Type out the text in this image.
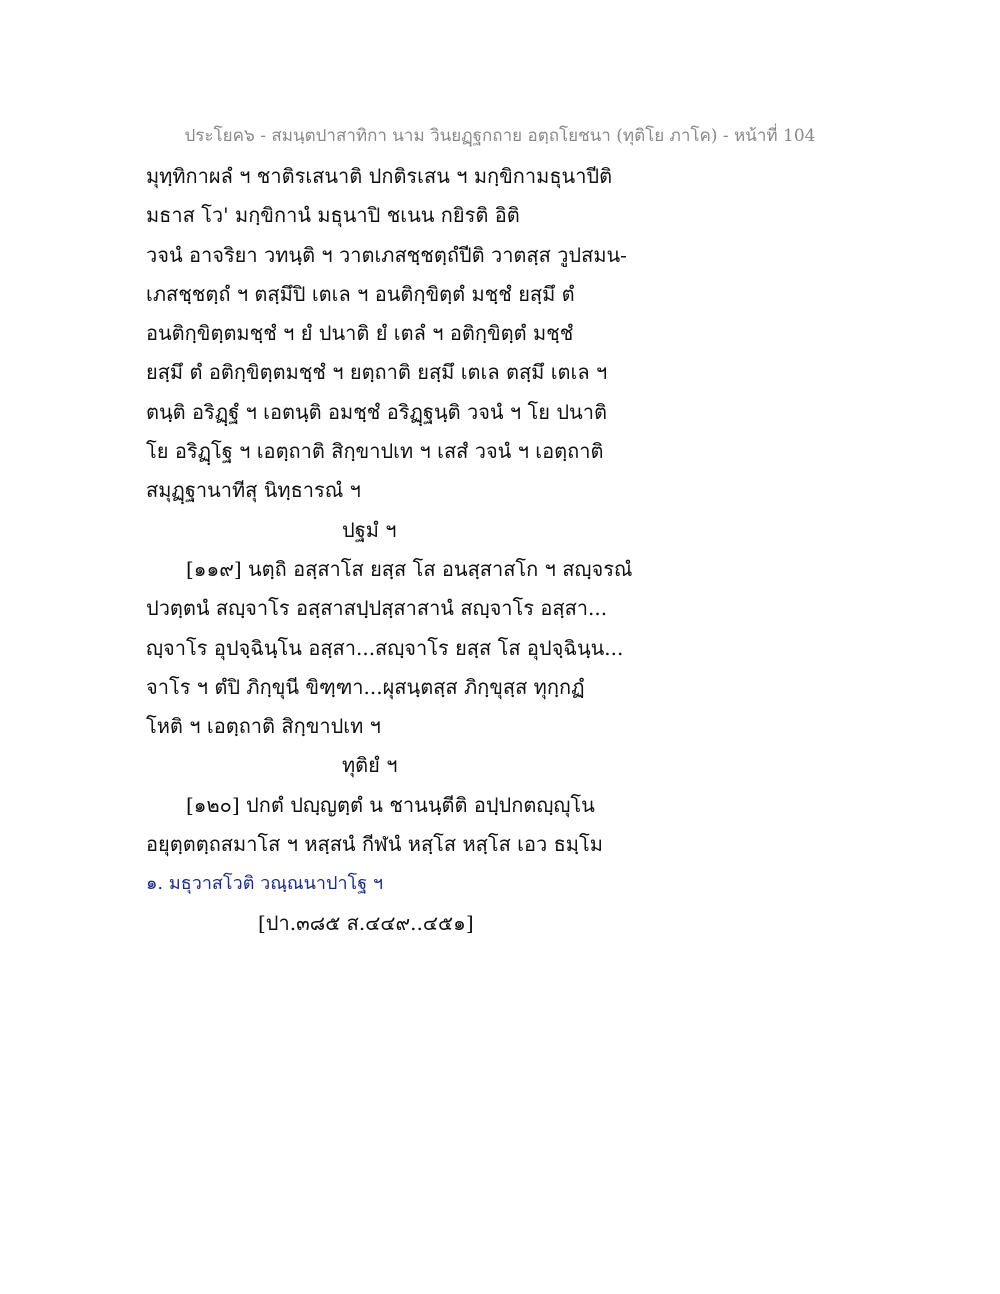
ประโยค๖ - สมนฺตปาสาทิกา นาม วินยฏฺฐกถาย อตฺถโยชนา (ทุติโย ภาโค) - หน้าที่ 104
มุทฺทิกาผลํ ฯ ชาติรเสนาติ ปกติรเสน ฯ มกฺขิกามธุนาปีติ
มธาส โว' มกฺขิกานํ มธุนาปิ ชเนน กยิรติ อิติ
วจนํ อาจริยา วทนฺติ ฯ วาตเภสชฺชตฺถํปีติ วาตสฺส วูปสมน-
เภสชฺชตฺถํ ฯ ตสฺมึปิ เตเล ฯ อนติกฺขิตฺตํ มชฺชํ ยสฺมึ ตํ
อนติกฺขิตฺตมชฺชํ ฯ ยํ ปนาติ ยํ เตลํ ฯ อติกฺขิตฺตํ มชฺชํ
ยสฺมึ ตํ อติกฺขิตฺตมชฺชํ ฯ ยตฺถาติ ยสฺมึ เตเล ตสฺมึ เตเล ฯ
ตนฺติ อริฏฺฐํ ฯ เอตนฺติ อมชฺชํ อริฏฺฐนฺติ วจนํ ฯ โย ปนาติ
โย อริฏฺโฐ ฯ เอตฺถาติ สิกฺขาปเท ฯ เสสํ วจนํ ฯ เอตฺถาติ
สมุฏฺฐานาทีสุ นิทฺธารณํ ฯ
ปฐมํ ฯ
[๑๑๙] นตฺถิ อสฺสาโส ยสฺส โส อนสฺสาสโก ฯ สญฺจรณํ
ปวตฺตนํ สญฺจาโร อสฺสาสปฺปสฺสาสานํ สญฺจาโร อสฺสา...
ญฺจาโร อุปจฺฉินฺโน อสฺสา...สญฺจาโร ยสฺส โส อุปจฺฉินฺน...
จาโร ฯ ตํปิ ภิกฺขุนี ขิฑฺฑา...ผุสนฺตสฺส ภิกฺขุสฺส ทุกฺกฏํ
โหติ ฯ เอตฺถาติ สิกฺขาปเท ฯ
ทุติยํ ฯ
[๑๒๐] ปกตํ ปญฺญตฺตํ น ชานนฺตีติ อปฺปกตญฺญุโน
อยุตฺตตฺถสมาโส ฯ หสฺสนํ กีฬนํ หสฺโส หสฺโส เอว ธมฺโม
๑. มธุวาสโวติ วณฺณนาปาโฐ ฯ
[ปา.๓๘๕ ส.๔๔๙..๔๕๑]
